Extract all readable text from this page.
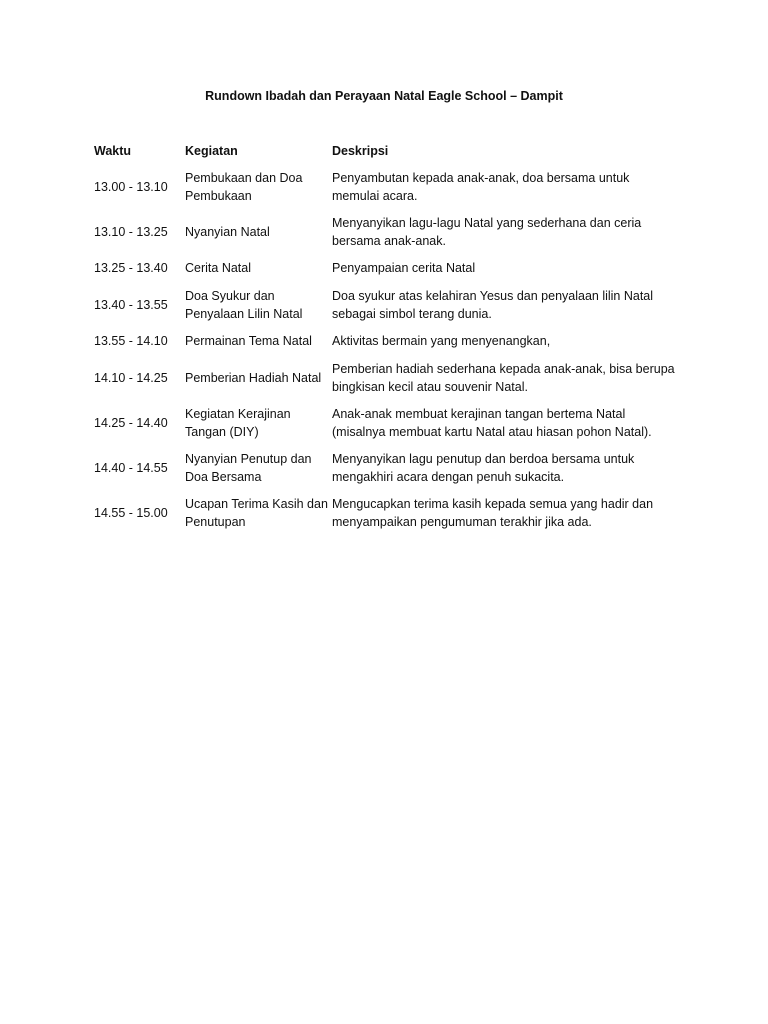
Rundown Ibadah dan Perayaan Natal Eagle School – Dampit
Waktu	Kegiatan	Deskripsi
13.00 - 13.10	Pembukaan dan Doa Pembukaan	Penyambutan kepada anak-anak, doa bersama untuk memulai acara.
13.10 - 13.25	Nyanyian Natal	Menyanyikan lagu-lagu Natal yang sederhana dan ceria bersama anak-anak.
13.25 - 13.40	Cerita Natal	Penyampaian cerita Natal
13.40 - 13.55	Doa Syukur dan Penyalaan Lilin Natal	Doa syukur atas kelahiran Yesus dan penyalaan lilin Natal sebagai simbol terang dunia.
13.55 - 14.10	Permainan Tema Natal	Aktivitas bermain yang menyenangkan,
14.10 - 14.25	Pemberian Hadiah Natal	Pemberian hadiah sederhana kepada anak-anak, bisa berupa bingkisan kecil atau souvenir Natal.
14.25 - 14.40	Kegiatan Kerajinan Tangan (DIY)	Anak-anak membuat kerajinan tangan bertema Natal (misalnya membuat kartu Natal atau hiasan pohon Natal).
14.40 - 14.55	Nyanyian Penutup dan Doa Bersama	Menyanyikan lagu penutup dan berdoa bersama untuk mengakhiri acara dengan penuh sukacita.
14.55 - 15.00	Ucapan Terima Kasih dan Penutupan	Mengucapkan terima kasih kepada semua yang hadir dan menyampaikan pengumuman terakhir jika ada.
